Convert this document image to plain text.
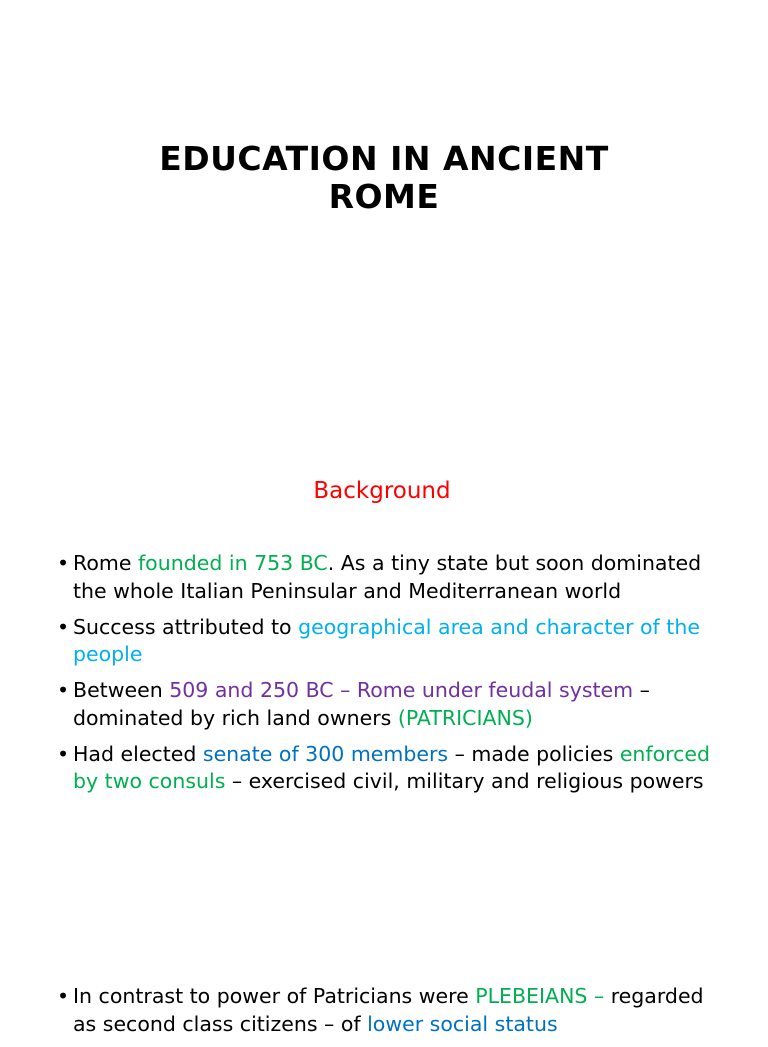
EDUCATION IN ANCIENT
ROME
Background
• Rome founded in 753 BC. As a tiny state but soon dominated the whole Italian Peninsular and Mediterranean world
• Success attributed to geographical area and character of the people
• Between 509 and 250 BC – Rome under feudal system – dominated by rich land owners (PATRICIANS)
• Had elected senate of 300 members – made policies enforced by two consuls – exercised civil, military and religious powers
• In contrast to power of Patricians were PLEBEIANS – regarded as second class citizens – of lower social status
